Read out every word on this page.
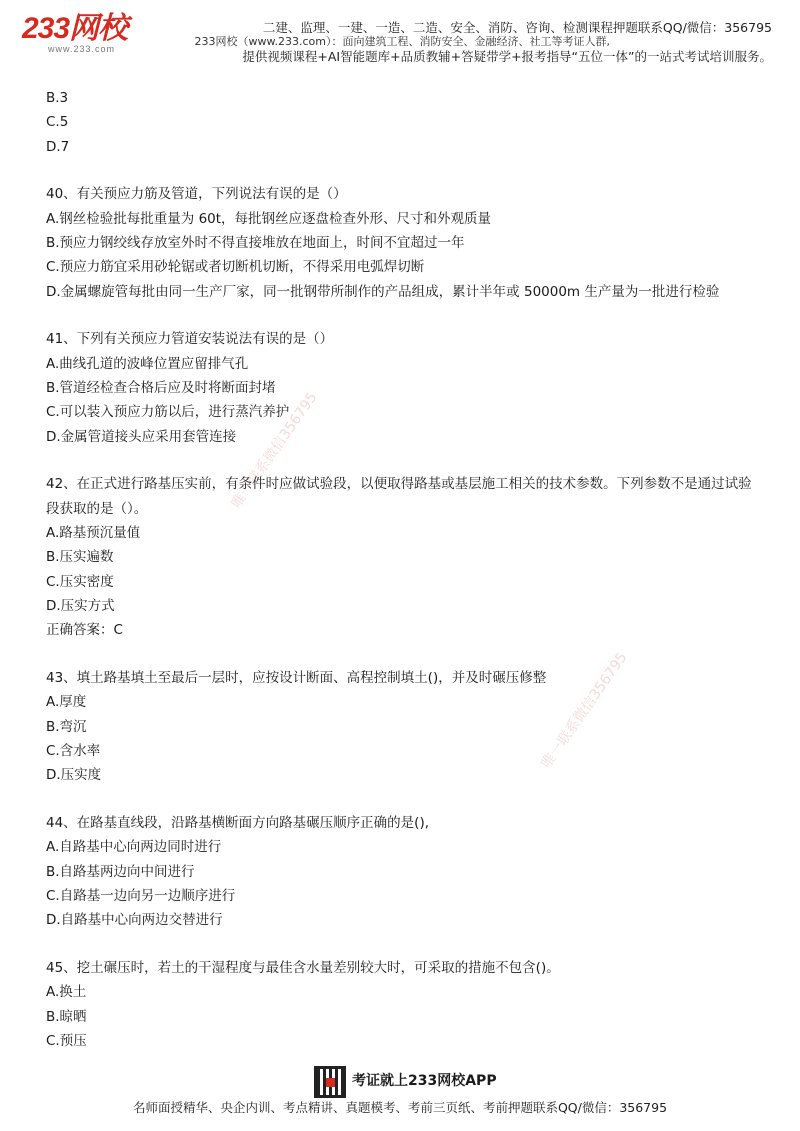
233网校
www.233.com
二建、监理、一建、一造、二造、安全、消防、咨询、检测课程押题联系QQ/微信：356795
233网校（www.233.com）：面向建筑工程、消防安全、金融经济、社工等考证人群,
提供视频课程+AI智能题库+品质教辅+答疑带学+报考指导“五位一体”的一站式考试培训服务。
唯一联系微信356795
唯一联系微信356795
B.3
C.5
D.7
40、有关预应力筋及管道，下列说法有误的是（）
A.钢丝检验批每批重量为 60t，每批钢丝应逐盘检查外形、尺寸和外观质量
B.预应力钢绞线存放室外时不得直接堆放在地面上，时间不宜超过一年
C.预应力筋宜采用砂轮锯或者切断机切断，不得采用电弧焊切断
D.金属螺旋管每批由同一生产厂家，同一批钢带所制作的产品组成，累计半年或 50000m 生产量为一批进行检验
41、下列有关预应力管道安装说法有误的是（）
A.曲线孔道的波峰位置应留排气孔
B.管道经检查合格后应及时将断面封堵
C.可以装入预应力筋以后，进行蒸汽养护
D.金属管道接头应采用套管连接
42、在正式进行路基压实前，有条件时应做试验段，以便取得路基或基层施工相关的技术参数。下列参数不是通过试验段获取的是（）。
A.路基预沉量值
B.压实遍数
C.压实密度
D.压实方式
正确答案：C
43、填土路基填土至最后一层时，应按设计断面、高程控制填土()，并及时碾压修整
A.厚度
B.弯沉
C.含水率
D.压实度
44、在路基直线段，沿路基横断面方向路基碾压顺序正确的是(),
A.自路基中心向两边同时进行
B.自路基两边向中间进行
C.自路基一边向另一边顺序进行
D.自路基中心向两边交替进行
45、挖土碾压时，若土的干湿程度与最佳含水量差别较大时，可采取的措施不包含()。
A.换土
B.晾晒
C.预压
考证就上233网校APP
名师面授精华、央企内训、考点精讲、真题模考、考前三页纸、考前押题联系QQ/微信：356795
